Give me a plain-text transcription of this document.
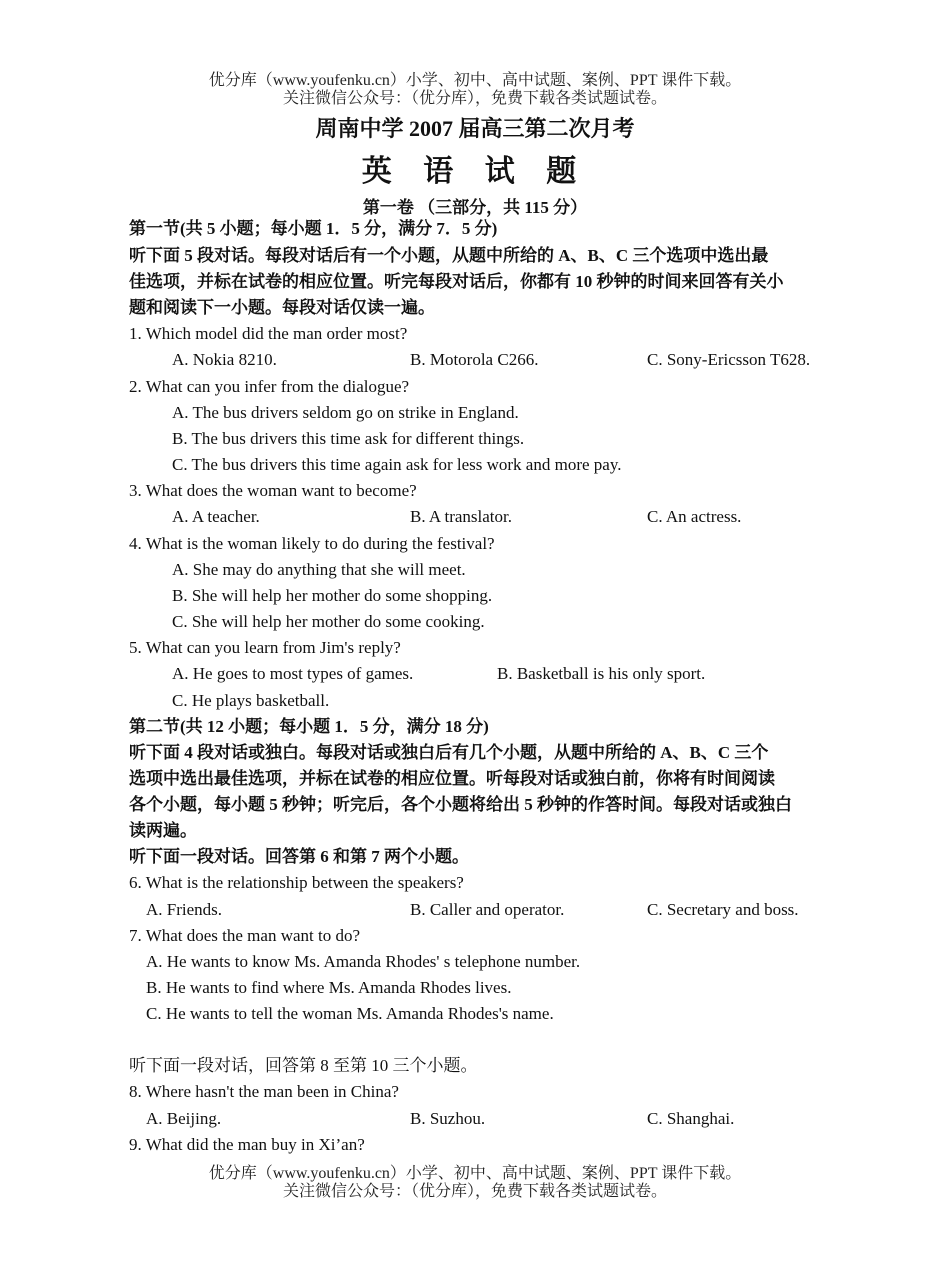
优分库（www.youfenku.cn）小学、初中、高中试题、案例、PPT 课件下载。
关注微信公众号：（优分库），免费下载各类试题试卷。
周南中学 2007 届高三第二次月考
英 语 试 题
第一卷 （三部分，共 115 分）
第一节(共 5 小题；每小题 1．5 分，满分 7．5 分)
听下面 5 段对话。每段对话后有一个小题，从题中所给的 A、B、C 三个选项中选出最
佳选项，并标在试卷的相应位置。听完每段对话后，你都有 10 秒钟的时间来回答有关小
题和阅读下一小题。每段对话仅读一遍。
1. Which model did the man order most?
A. Nokia 8210.	B. Motorola C266.	C. Sony-Ericsson T628.
2. What can you infer from the dialogue?
A. The bus drivers seldom go on strike in England.
B. The bus drivers this time ask for different things.
C. The bus drivers this time again ask for less work and more pay.
3. What does the woman want to become?
A. A teacher.	B. A translator.	C. An actress.
4. What is the woman likely to do during the festival?
A. She may do anything that she will meet.
B. She will help her mother do some shopping.
C. She will help her mother do some cooking.
5. What can you learn from Jim's reply?
A. He goes to most types of games.	B. Basketball is his only sport.
C. He plays basketball.
第二节(共 12 小题；每小题 1．5 分，满分 18 分)
听下面 4 段对话或独白。每段对话或独白后有几个小题，从题中所给的 A、B、C 三个
选项中选出最佳选项，并标在试卷的相应位置。听每段对话或独白前，你将有时间阅读
各个小题，每小题 5 秒钟；听完后，各个小题将给出 5 秒钟的作答时间。每段对话或独白
读两遍。
听下面一段对话。回答第 6 和第 7 两个小题。
6. What is the relationship between the speakers?
A. Friends.	B. Caller and operator.	C. Secretary and boss.
7. What does the man want to do?
A. He wants to know Ms. Amanda Rhodes' s telephone number.
B. He wants to find where Ms. Amanda Rhodes lives.
C. He wants to tell the woman Ms. Amanda Rhodes's name.
听下面一段对话，回答第 8 至第 10 三个小题。
8. Where hasn't the man been in China?
A. Beijing.	B. Suzhou.	C. Shanghai.
9. What did the man buy in Xi’an?
优分库（www.youfenku.cn）小学、初中、高中试题、案例、PPT 课件下载。
关注微信公众号：（优分库），免费下载各类试题试卷。
